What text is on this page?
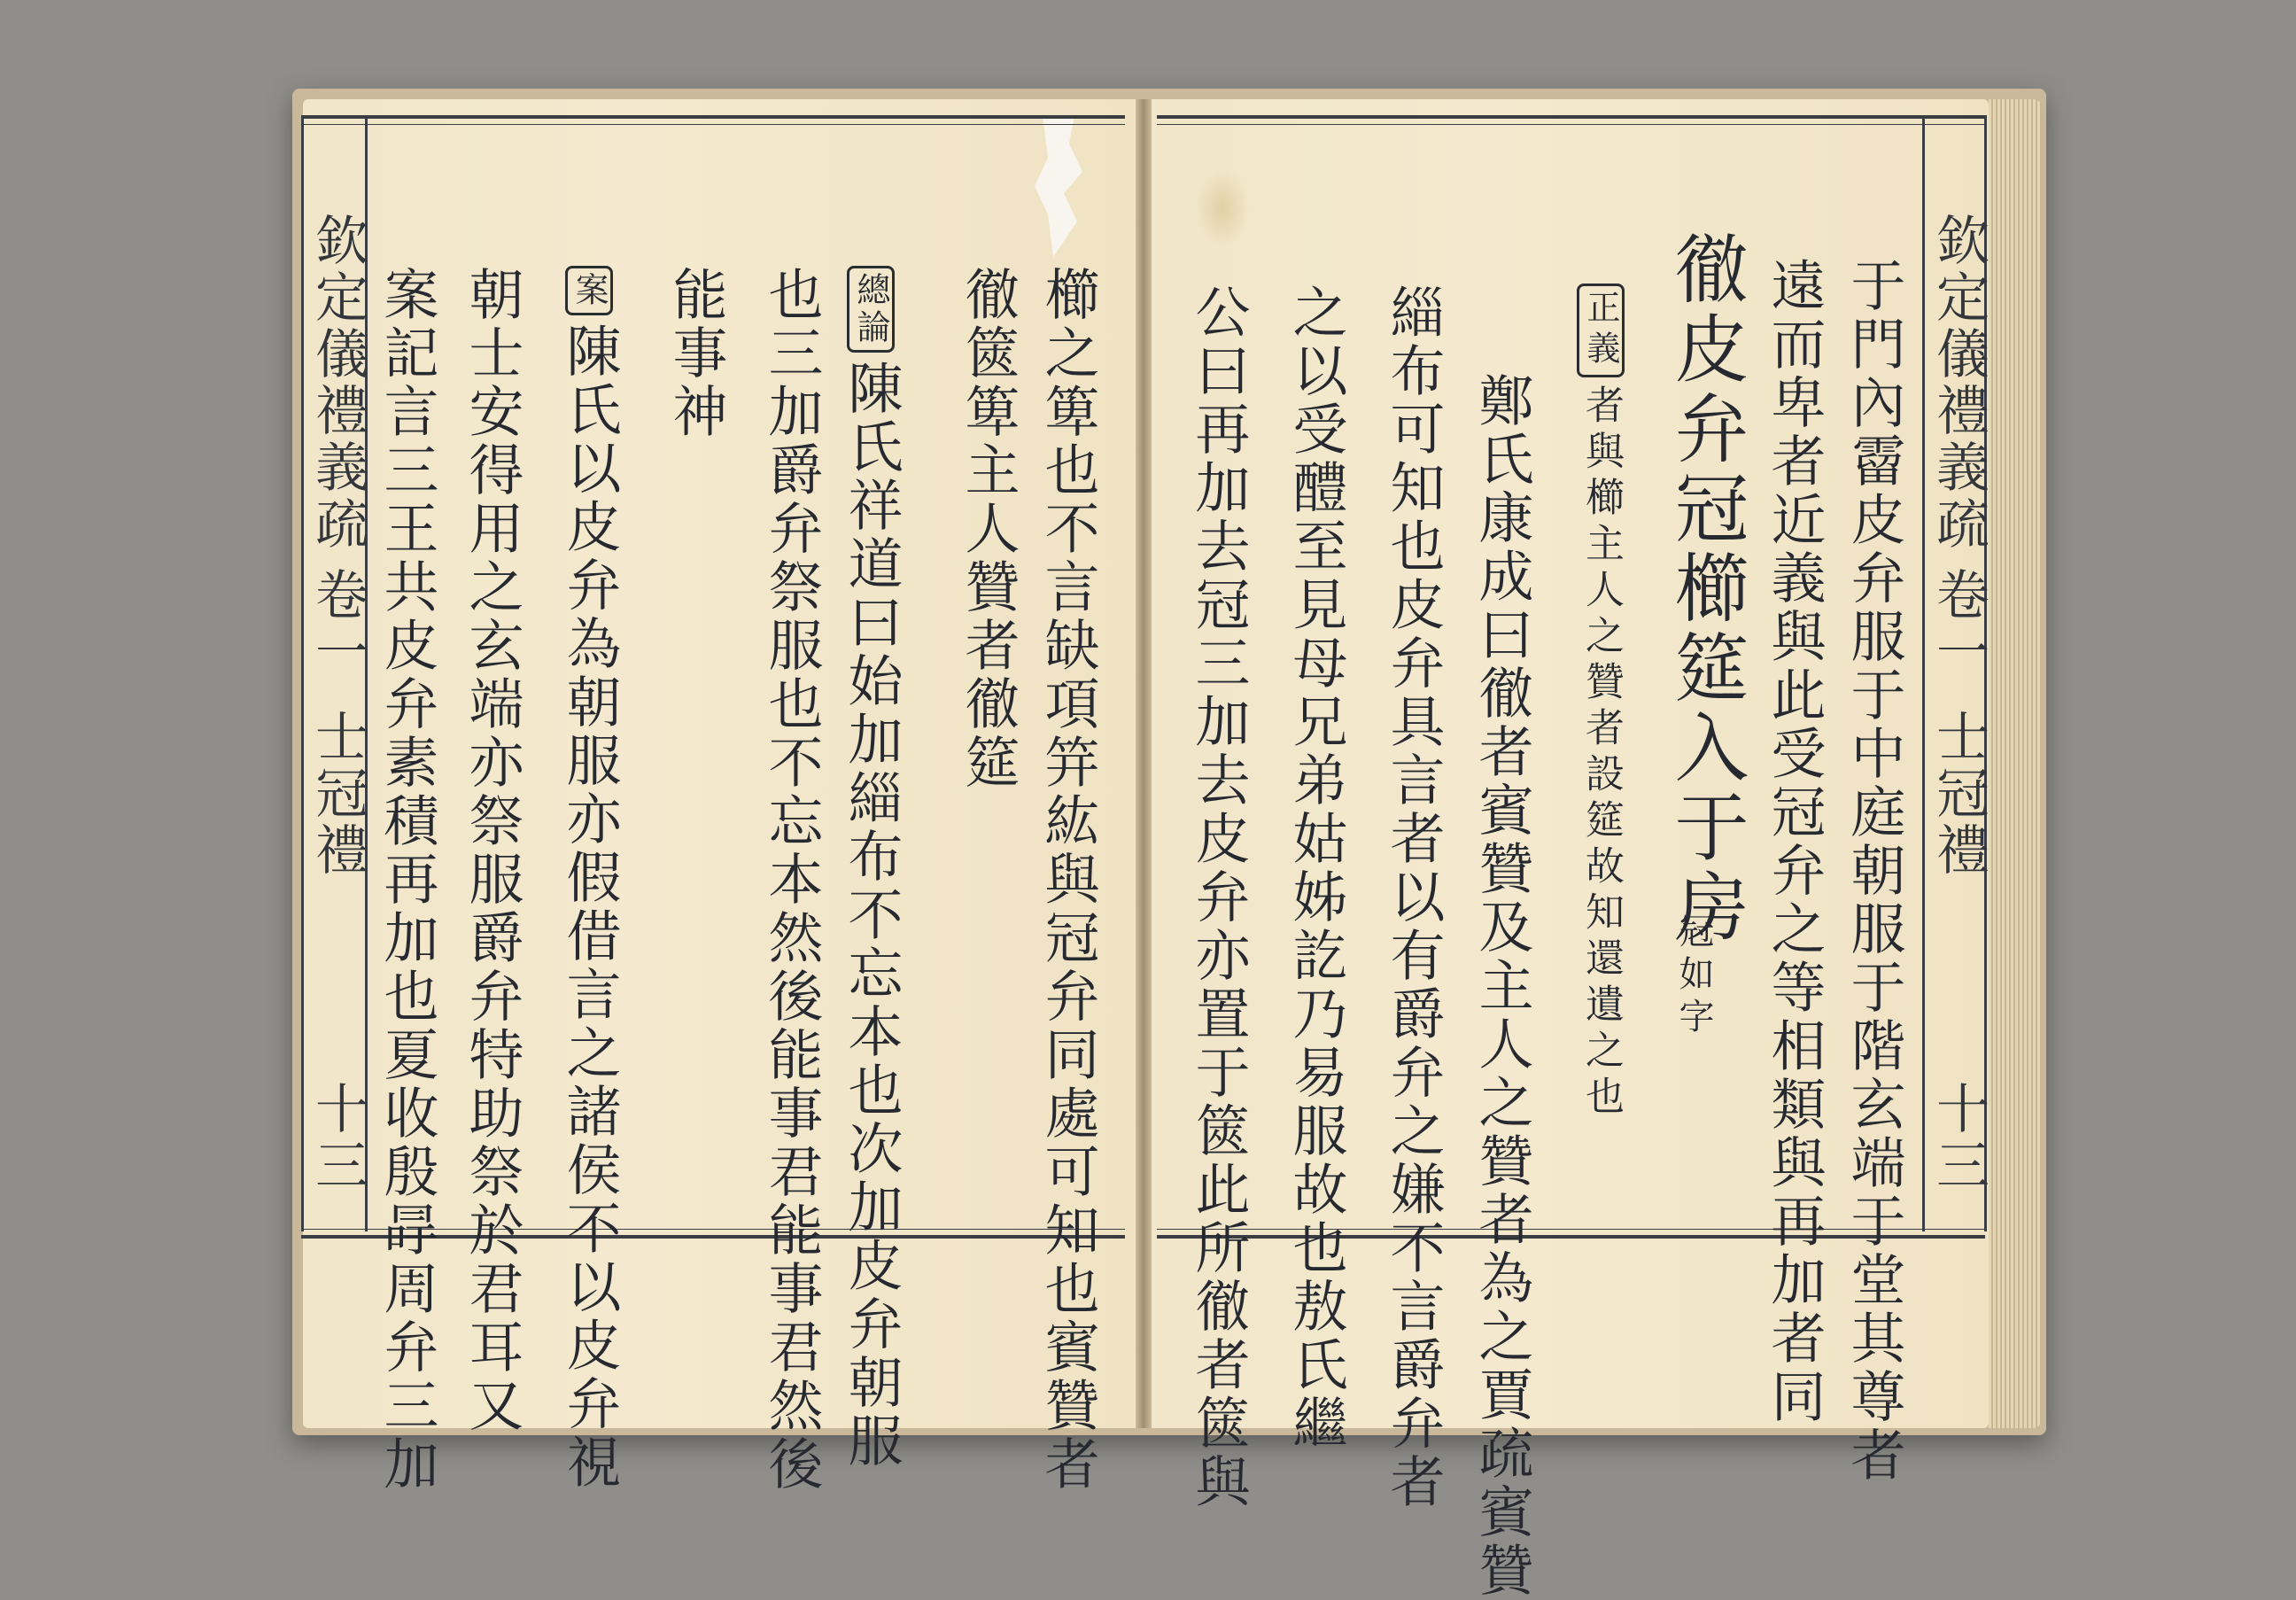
欽定儀禮義疏
卷一
士冠禮
十三	櫛之箄也不言缺項笄紘與冠弁同處可知也賓贊者
徹篋箄主人贊者徹筵
總論陳氏祥道曰始加緇布不忘本也次加皮弁朝服
也三加爵弁祭服也不忘本然後能事君能事君然後
能事神
案陳氏以皮弁為朝服亦假借言之諸侯不以皮弁視
朝士安得用之玄端亦祭服爵弁特助祭於君耳又
案記言三王共皮弁素積再加也夏收殷冔周弁三加	欽定儀禮義疏
卷一
士冠禮
十三
于門內霤皮弁服于中庭朝服于階玄端于堂其尊者
遠而卑者近義與此受冠弁之等相類與再加者同
徹皮弁冠櫛筵入于房
冠如字
正義者與櫛主人之贊者設筵故知還遺之也
鄭氏康成曰徹者賓贊及主人之贊者為之賈疏賓贊
緇布可知也皮弁具言者以有爵弁之嫌不言爵弁者
之以受醴至見母兄弟姑姊訖乃易服故也敖氏繼
公曰再加去冠三加去皮弁亦置于篋此所徹者篋與
